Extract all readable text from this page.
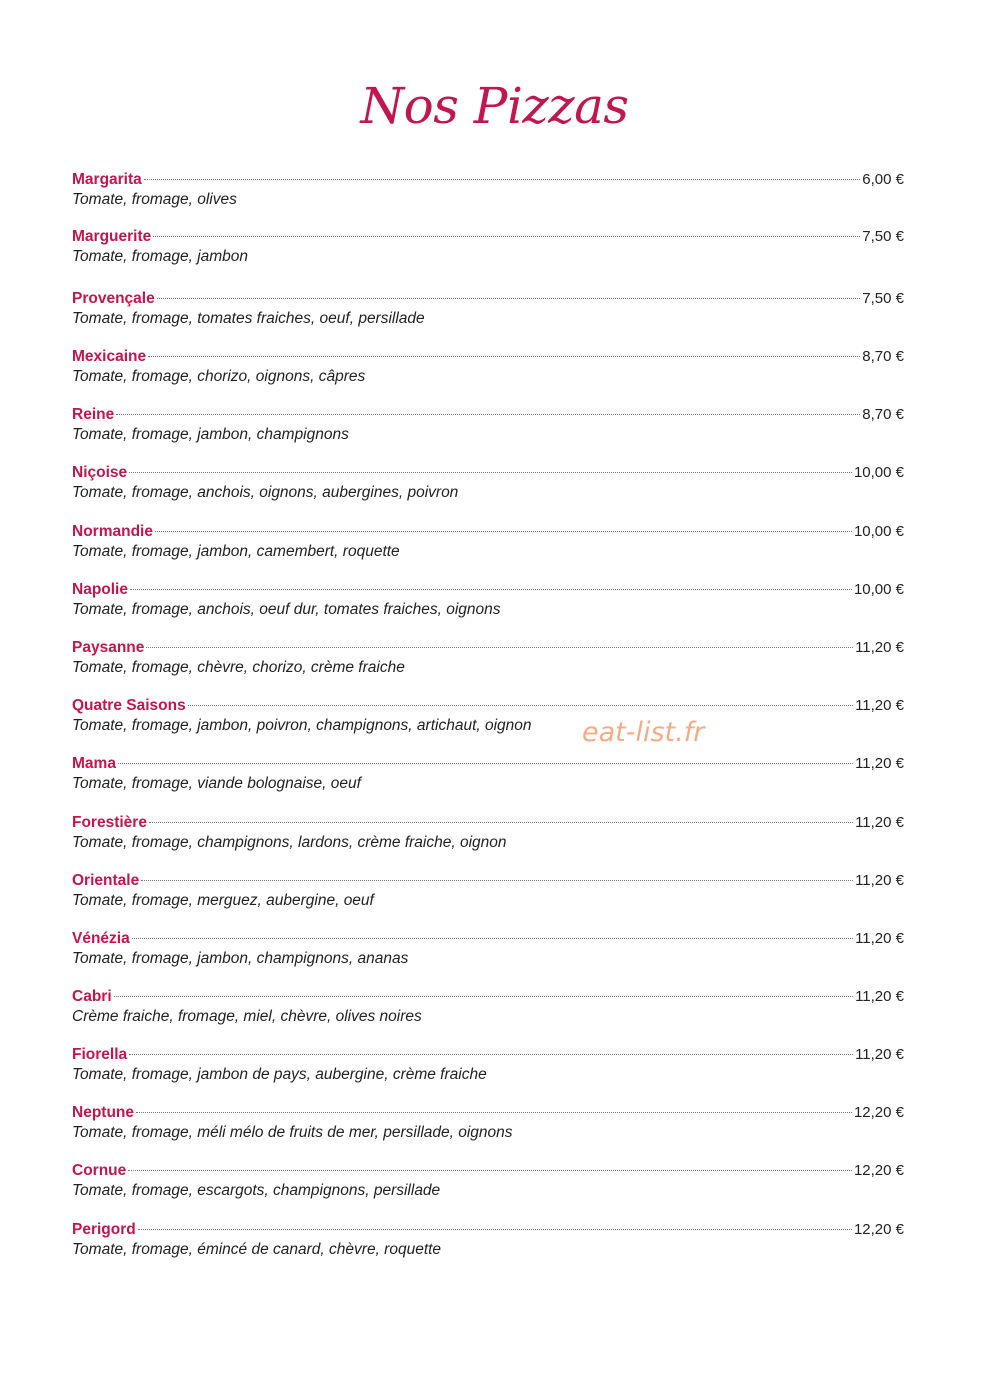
Nos Pizzas
Margarita	6,00 €
Tomate, fromage, olives
Marguerite	7,50 €
Tomate, fromage, jambon
Provençale	7,50 €
Tomate, fromage, tomates fraiches, oeuf, persillade
Mexicaine	8,70 €
Tomate, fromage, chorizo, oignons, câpres
Reine	8,70 €
Tomate, fromage, jambon, champignons
Niçoise	10,00 €
Tomate, fromage, anchois, oignons, aubergines, poivron
Normandie	10,00 €
Tomate, fromage, jambon, camembert, roquette
Napolie	10,00 €
Tomate, fromage, anchois, oeuf dur, tomates fraiches, oignons
Paysanne	11,20 €
Tomate, fromage, chèvre, chorizo, crème fraiche
Quatre Saisons	11,20 €
Tomate, fromage, jambon, poivron, champignons, artichaut, oignon
Mama	11,20 €
Tomate, fromage, viande bolognaise, oeuf
Forestière	11,20 €
Tomate, fromage, champignons, lardons, crème fraiche, oignon
Orientale	11,20 €
Tomate, fromage, merguez, aubergine, oeuf
Vénézia	11,20 €
Tomate, fromage, jambon, champignons, ananas
Cabri	11,20 €
Crème fraiche, fromage, miel, chèvre, olives noires
Fiorella	11,20 €
Tomate, fromage, jambon de pays, aubergine, crème fraiche
Neptune	12,20 €
Tomate, fromage, méli mélo de fruits de mer, persillade, oignons
Cornue	12,20 €
Tomate, fromage, escargots, champignons, persillade
Perigord	12,20 €
Tomate, fromage, émincé de canard, chèvre, roquette
eat-list.fr
